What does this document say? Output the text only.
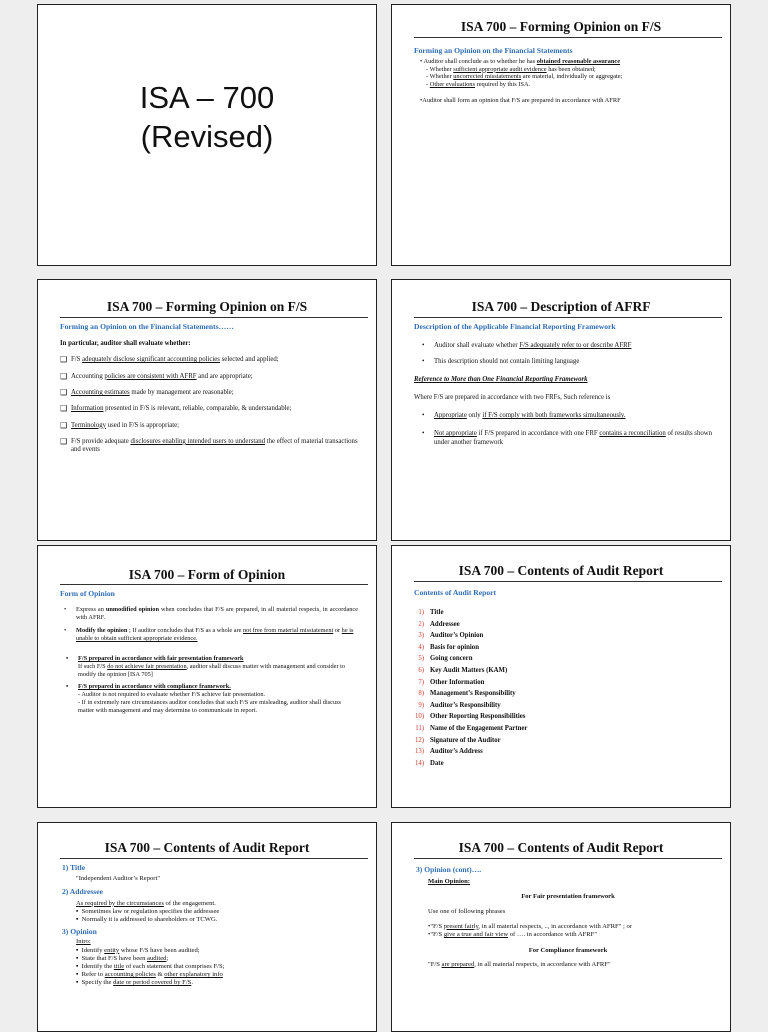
ISA – 700
(Revised)
ISA 700 – Forming Opinion on F/S
Forming an Opinion on the Financial Statements

• Auditor shall conclude as to whether he has obtained reasonable assurance

- Whether sufficient appropriate audit evidence has been obtained;

- Whether uncorrected misstatements are material, individually or aggregate;

- Other evaluations required by this ISA.

•Auditor shall form an opinion that F/S are prepared in accordance with AFRF

ISA 700 – Forming Opinion on F/S
Forming an Opinion on the Financial Statements……

In particular, auditor shall evaluate whether:

❑ F/S adequately disclose significant accounting policies selected and applied;
❑ Accounting policies are consistent with AFRF and are appropriate;
❑ Accounting estimates made by management are reasonable;
❑ Information presented in F/S is relevant, reliable, comparable, & understandable;
❑ Terminology used in F/S is appropriate;
❑ F/S provide adequate disclosures enabling intended users to understand the effect of material transactions and events
ISA 700 – Description of AFRF
Description of the Applicable Financial Reporting Framework
•	Auditor shall evaluate whether F/S adequately refer to or describe AFRF
•	This description should not contain limiting language

Reference to More than One Financial Reporting Framework

Where F/S are prepared in accordance with two FRFs, Such reference is

•	Appropriate only if F/S comply with both frameworks simultaneously.
•	Not appropriate if F/S prepared in accordance with one FRF contains a reconciliation of results shown under another framework
ISA 700 – Form of Opinion
Form of Opinion
•	Express an unmodified opinion when concludes that F/S are prepared, in all material respects, in accordance with AFRF.
•	Modify the opinion ; If auditor concludes that F/S as a whole are not free from material misstatement or he is unable to obtain sufficient appropriate evidence.
•	F/S prepared in accordance with fair presentation framework

If such F/S do not achieve fair presentation, auditor shall discuss matter with management and consider to modify the opinion [ISA 705]

•	F/S prepared in accordance with compliance framework.

- Auditor is not required to evaluate whether F/S achieve fair presentation.

- If in extremely rare circumstances auditor concludes that such F/S are misleading, auditor shall discuss matter with management and may determine to communicate in report.

ISA 700 – Contents of Audit Report
Contents of Audit Report
1) Title
2) Addressee
3) Auditor’s Opinion
4) Basis for opinion
5) Going concern
6) Key Audit Matters (KAM)
7) Other Information
8) Management’s Responsibility
9) Auditor’s Responsibility
10) Other Reporting Responsibilities
11) Name of the Engagement Partner
12) Signature of the Auditor
13) Auditor’s Address
14) Date
ISA 700 – Contents of Audit Report

1) Title

"Independent Auditor’s Report"

2) Addressee

As required by the circumstances of the engagement.

▪  Sometimes law or regulation specifies the addressee

▪  Normally it is addressed to shareholders or TCWG.

3) Opinion

Intro:

▪  Identify entity whose F/S have been audited;

▪  State that F/S have been audited;

▪  Identify the title of each statement that comprises F/S;

▪  Refer to accounting policies & other explanatory info

▪  Specify the date or period covered by F/S.

ISA 700 – Contents of Audit Report

3) Opinion (cont)….

Main Opinion:

For Fair presentation framework

Use one of following phrases

•"F/S present fairly, in all material respects, .., in accordance with AFRF" ; or

•"F/S give a true and fair view of …. in accordance with AFRF"

For Compliance framework

"F/S are prepared, in all material respects, in accordance with AFRF"
